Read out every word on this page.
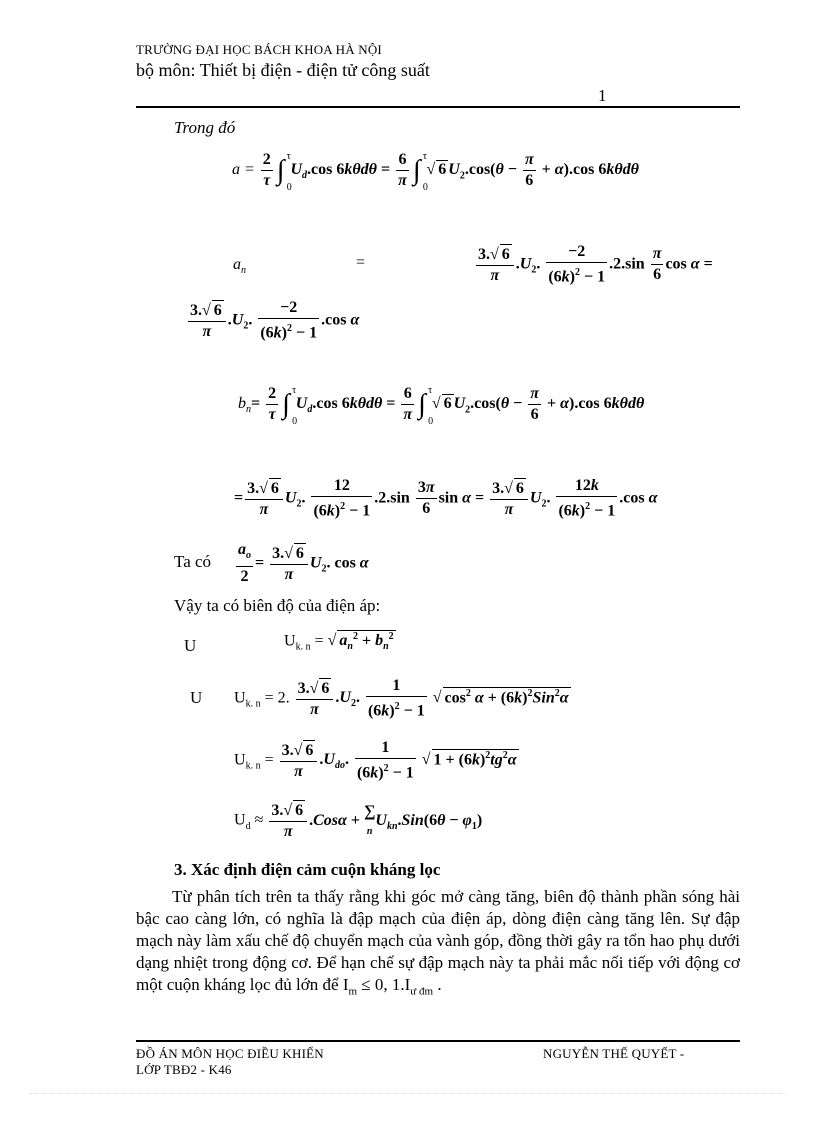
TRƯỜNG ĐẠI HỌC BÁCH KHOA HÀ NỘI
bộ môn: Thiết bị điện - điện tử công suất
1
Trong đó
$a = \frac{2}{\tau}$ ∫ τ
0
$U_d.\cos$ $6k\theta d\theta = \frac{6}{\pi}$ ∫ τ
0
√ 6 $U_2.\cos(\theta - \frac{\pi}{6} + \alpha).\cos$ 6kθdθ
$a_n$	=	$\frac{3.√ 6}{\pi} .U_2$. $\frac{-2}{(6k)^2 - 1} .2.\sin \frac{\pi}{6}$ cos α =
$\frac{3.√ 6}{\pi} .U_2$. $\frac{-2}{(6k)^2 - 1} .\cos$ α
$b_n= \frac{2}{\tau}$ ∫ τ
0
$U_d.\cos$ $6k\theta d\theta = \frac{6}{\pi}$ ∫ τ
0
√ 6 $U_2.\cos(\theta - \frac{\pi}{6} + \alpha).\cos$ 6kθdθ
= $\frac{3.√ 6}{\pi} U_2$. $\frac{12}{(6k)^2 - 1} .2.\sin \frac{3\pi}{6}$ $\sin \alpha = \frac{3.√ 6}{\pi} U_2$. $\frac{12k}{(6k)^2 - 1} .\cos$ α
Ta có $\frac{a_o}{2} = \frac{3.√ 6}{\pi} U_2$. cos α
Vậy ta có biên độ của điện áp:
U	$U_{k. n}$ = √ $a_n^2 + b_n^2$
U $U_{k. n} = 2$. $\frac{3.√ 6}{\pi} .U_2$. $\frac{1}{(6k)^2 - 1}$ √ $\cos^2 \alpha + (6k)^2Sin^2\alpha$
$U_{k. n} = \frac{3.√ 6}{\pi} .U_{do}$. $\frac{1}{(6k)^2 - 1}$ √ $1 + (6k)^2tg^2\alpha$
$U_d \approx \frac{3.√ 6}{\pi} .Cos\alpha$ + ∑
$nU_{kn}.Sin(6\theta - \varphi_1)$
3. Xác định điện cảm cuộn kháng lọc

Từ phân tích trên ta thấy rằng khi góc mở càng tăng, biên độ thành phần sóng hài bậc cao càng lớn, có nghĩa là đập mạch của điện áp, dòng điện càng tăng lên. Sự đập mạch này làm xấu chế độ chuyển mạch của vành góp, đồng thời gây ra tổn hao phụ dưới dạng nhiệt trong động cơ. Để hạn chế sự đập mạch này ta phải mắc nối tiếp với động cơ một cuộn kháng lọc đủ lớn để $I_m \le 0$, $1.I_{ư đm}$ .

ĐỒ ÁN MÔN HỌC ĐIỀU KHIỂN
LỚP TBĐ2 - K46
NGUYỄN THẾ QUYẾT -
